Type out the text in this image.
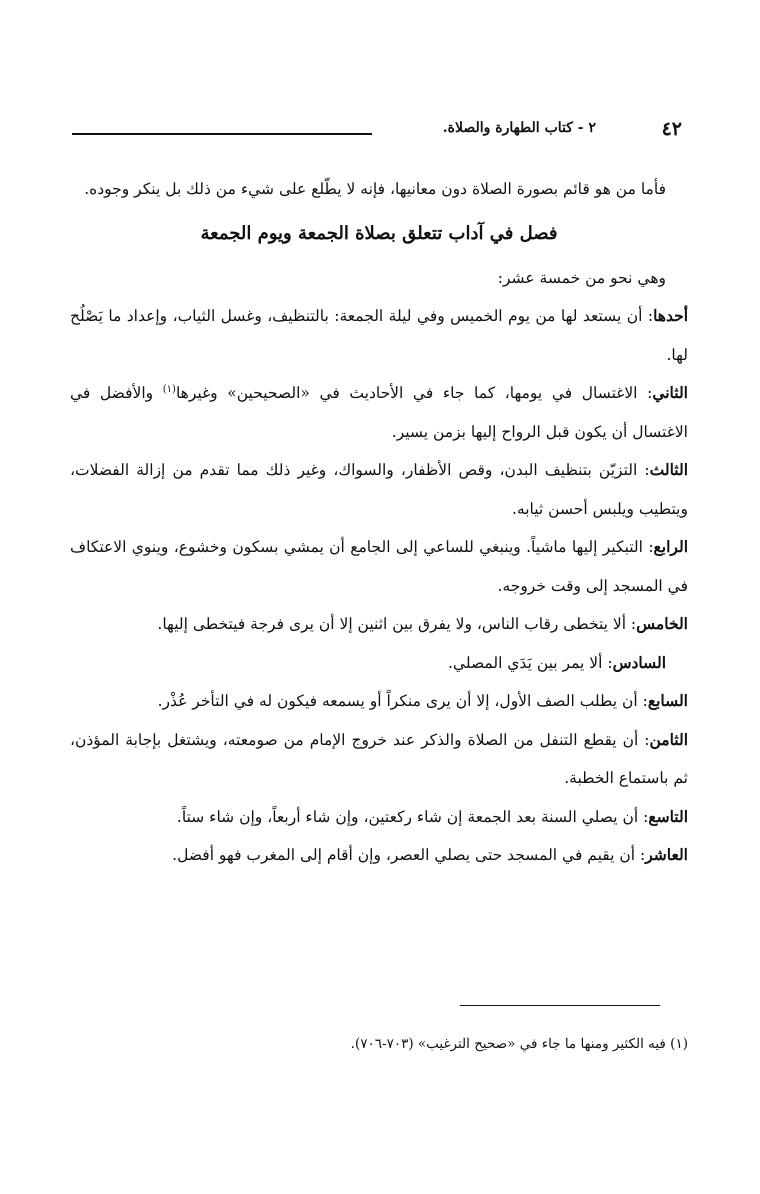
٤٢
٢ - كتاب الطهارة والصلاة.

فأما من هو قائم بصورة الصلاة دون معانيها، فإنه لا يطّلع على شيء من ذلك بل ينكر وجوده.

فصل في آداب تتعلق بصلاة الجمعة ويوم الجمعة

وهي نحو من خمسة عشر:

أحدها: أن يستعد لها من يوم الخميس وفي ليلة الجمعة: بالتنظيف، وغسل الثياب، وإعداد ما يَصْلُح لها.

الثاني: الاغتسال في يومها، كما جاء في الأحاديث في «الصحيحين» وغيرها$^{(١)}$ والأفضل في الاغتسال أن يكون قبل الرواح إليها بزمن يسير.

الثالث: التزيّن بتنظيف البدن، وقص الأظفار، والسواك، وغير ذلك مما تقدم من إزالة الفضلات، ويتطيب ويلبس أحسن ثيابه.

الرابع: التبكير إليها ماشياً. وينبغي للساعي إلى الجامع أن يمشي بسكون وخشوع، وينوي الاعتكاف في المسجد إلى وقت خروجه.

الخامس: ألا يتخطى رقاب الناس، ولا يفرق بين اثنين إلا أن يرى فرجة فيتخطى إليها.

السادس: ألا يمر بين يَدَي المصلي.

السابع: أن يطلب الصف الأول، إلا أن يرى منكراً أو يسمعه فيكون له في التأخر عُذْر.

الثامن: أن يقطع التنفل من الصلاة والذكر عند خروج الإمام من صومعته، ويشتغل بإجابة المؤذن، ثم باستماع الخطبة.

التاسع: أن يصلي السنة بعد الجمعة إن شاء ركعتين، وإن شاء أربعاً، وإن شاء ستاً.

العاشر: أن يقيم في المسجد حتى يصلي العصر، وإن أقام إلى المغرب فهو أفضل.

(١) فيه الكثير ومنها ما جاء في «صحيح الترغيب» (٧٠٣-٧٠٦).
